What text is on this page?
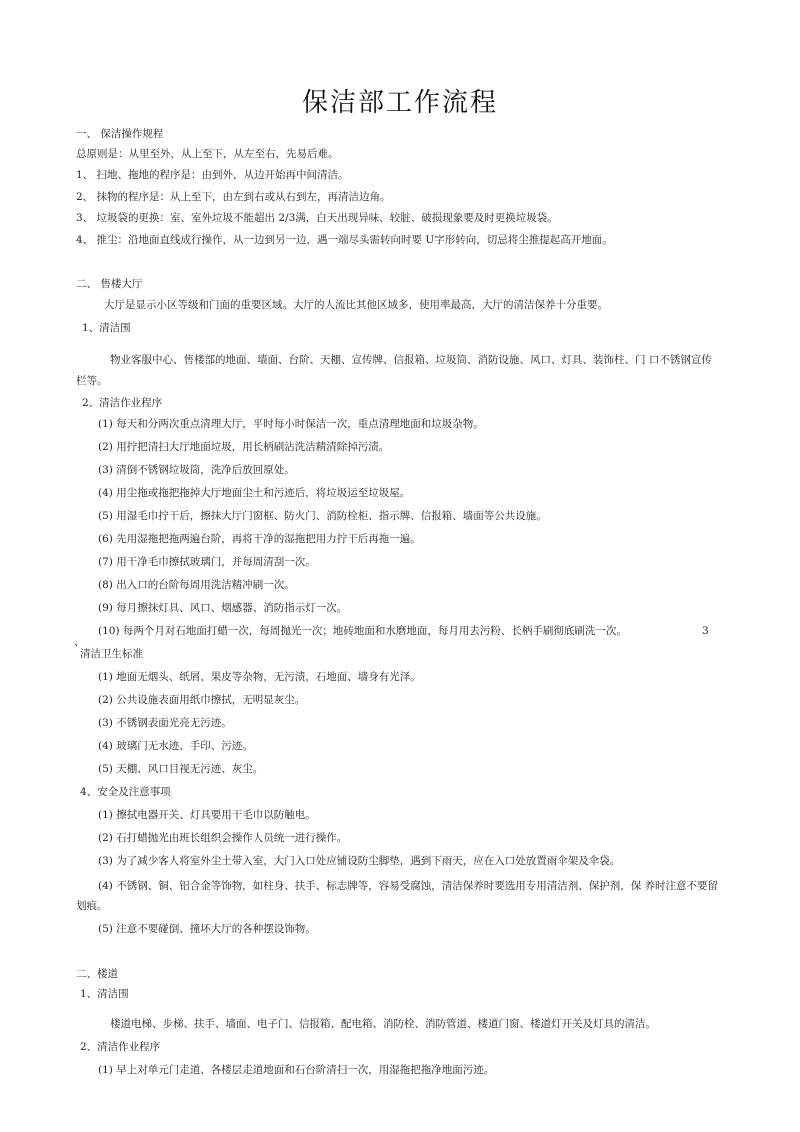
保洁部工作流程
一、 保洁操作规程
总原则是：从里至外，从上至下，从左至右，先易后难。
1、 扫地、拖地的程序是：由到外，从边开始再中间清洁。
2、 抹物的程序是：从上至下，由左到右或从右到左，再清洁边角。
3、 垃圾袋的更换：室、室外垃圾不能超出 2/3满，白天出现异味、较脏、破损现象要及时更换垃圾袋。
4、 推尘：沿地面直线成行操作，从一边到另一边，遇一端尽头需转向时要 U字形转向，切忌将尘推提起高开地面。
二、 售楼大厅
大厅是显示小区等级和门面的重要区域。大厅的人流比其他区域多，使用率最高，大厅的清洁保养十分重要。
1、清洁围
物业客服中心、售楼部的地面、墙面、台阶、天棚、宣传牌、信报箱、垃圾筒、消防设施、风口、灯具、装饰柱、门 口不锈钢宣传栏等。
2、清洁作业程序
(1) 每天和分两次重点清理大厅，平时每小时保洁一次，重点清理地面和垃圾杂物。
(2) 用拧把清扫大厅地面垃圾，用长柄刷沾洗洁精清除掉污渍。
(3) 清倒不锈钢垃圾筒，洗净后放回原处。
(4) 用尘拖或拖把拖掉大厅地面尘土和污迹后，将垃圾运至垃圾屋。
(5) 用湿毛巾拧干后，擦抹大厅门窗框、防火门、消防栓柜、指示牌、信报箱、墙面等公共设施。
(6) 先用湿拖把拖两遍台阶，再将干净的湿拖把用力拧干后再拖一遍。
(7) 用干净毛巾擦拭玻璃门，并每周清刮一次。
(8) 出入口的台阶每周用洗洁精冲刷一次。
(9) 每月擦抹灯具、风口、烟感器、消防指示灯一次。
(10) 每两个月对石地面打蜡一次，每周抛光一次；地砖地面和水磨地面，每月用去污粉、长柄手刷彻底刷洗一次。	3
、
清洁卫生标准
(1) 地面无烟头、纸屑、果皮等杂物，无污渍，石地面、墙身有光泽。
(2) 公共设施表面用纸巾擦拭，无明显灰尘。
(3) 不锈钢表面光亮无污迹。
(4) 玻璃门无水迹、手印、污迹。
(5) 天棚、风口目视无污迹、灰尘。
4、安全及注意事项
(1) 擦拭电器开关、灯具要用干毛巾以防触电。
(2) 石打蜡抛光由班长组织会操作人员统一进行操作。
(3) 为了减少客人将室外尘土带入室，大门入口处应铺设防尘脚垫，遇到下雨天，应在入口处放置雨伞架及伞袋。
(4) 不锈钢、铜、铝合金等饰物，如柱身、扶手、标志牌等，容易受腐蚀，清洁保养时要选用专用清洁剂、保护剂，保 养时注意不要留划痕。
(5) 注意不要碰倒、撞坏大厅的各种摆设饰物。
二、楼道
1、清洁围
楼道电梯、步梯、扶手、墙面、电子门、信报箱、配电箱、消防栓、消防管道、楼道门窗、楼道灯开关及灯具的清洁。
2、清洁作业程序
(1) 早上对单元门走道、各楼层走道地面和石台阶清扫一次，用湿拖把拖净地面污迹。
